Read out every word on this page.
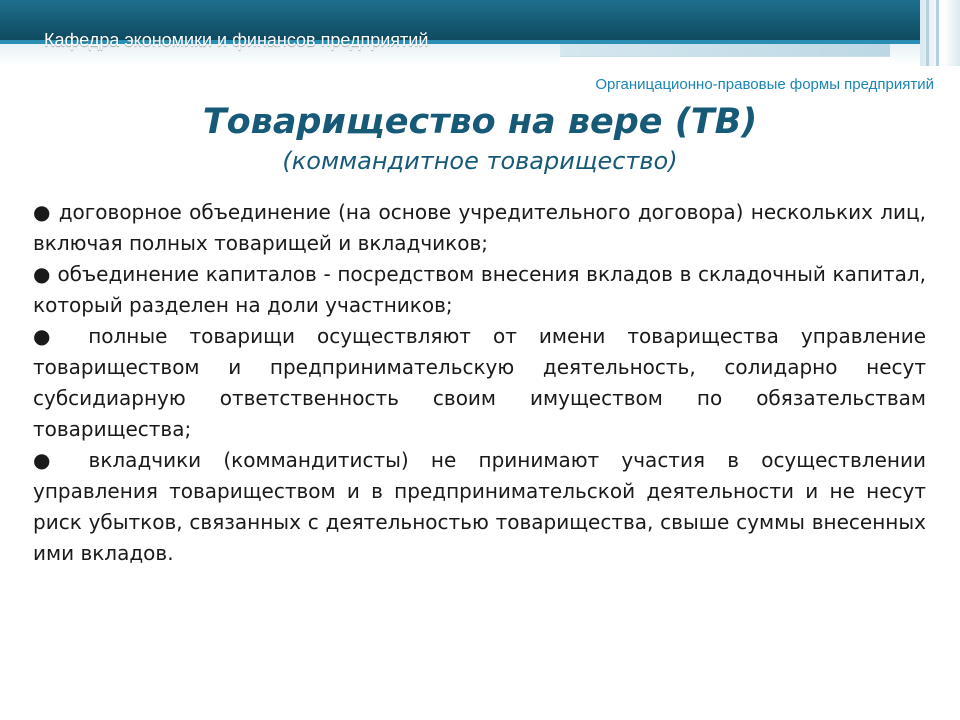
Кафедра экономики и финансов предприятий
Органицационно-правовые формы предприятий
Товарищество на вере (ТВ)
(коммандитное товарищество)

● договорное объединение (на основе учредительного договора) нескольких лиц, включая полных товарищей и вкладчиков;

● объединение капиталов - посредством внесения вкладов в складочный капитал, который разделен на доли участников;

● полные товарищи осуществляют от имени товарищества управление товариществом и предпринимательскую деятельность, солидарно несут субсидиарную ответственность своим имуществом по обязательствам товарищества;

● вкладчики (коммандитисты) не принимают участия в осуществлении управления товариществом и в предпринимательской деятельности и не несут риск убытков, связанных с деятельностью товарищества, свыше суммы внесенных ими вкладов.
